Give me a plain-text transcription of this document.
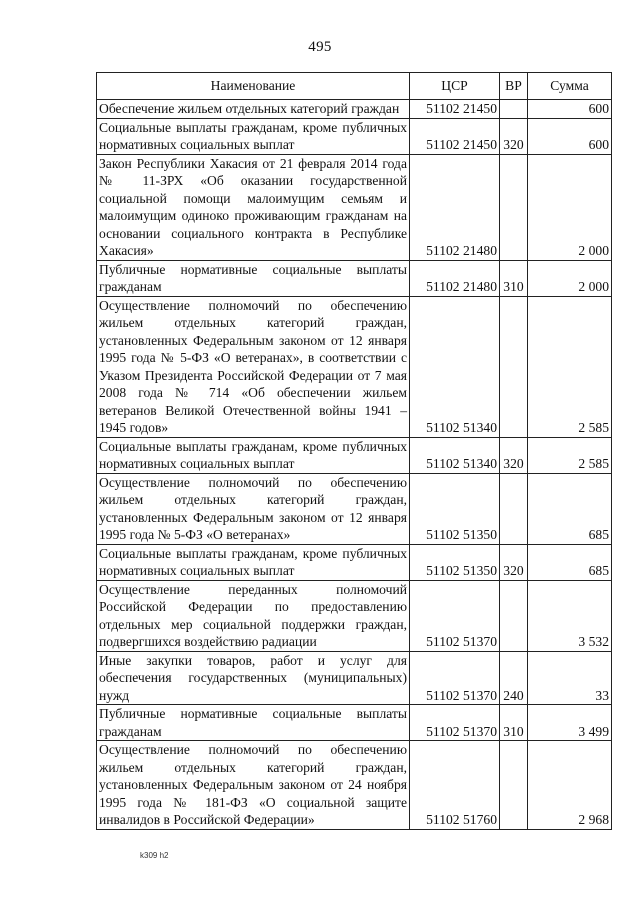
495
Наименование	ЦСР	ВР	Сумма
Обеспечение жильем отдельных категорий граждан	51102 21450		600
Социальные выплаты гражданам, кроме публичных нормативных социальных выплат	51102 21450	320	600
Закон Республики Хакасия от 21 февраля 2014 года № 11-ЗРХ «Об оказании государственной социальной помощи малоимущим семьям и малоимущим одиноко проживающим гражданам на основании социального контракта в Республике Хакасия»	51102 21480		2 000
Публичные нормативные социальные выплаты гражданам	51102 21480	310	2 000
Осуществление полномочий по обеспечению жильем отдельных категорий граждан, установленных Федеральным законом от 12 января 1995 года № 5-ФЗ «О ветеранах», в соответствии с Указом Президента Российской Федерации от 7 мая 2008 года № 714 «Об обеспечении жильем ветеранов Великой Отечественной войны 1941 – 1945 годов»	51102 51340		2 585
Социальные выплаты гражданам, кроме публичных нормативных социальных выплат	51102 51340	320	2 585
Осуществление полномочий по обеспечению жильем отдельных категорий граждан, установленных Федеральным законом от 12 января 1995 года № 5-ФЗ «О ветеранах»	51102 51350		685
Социальные выплаты гражданам, кроме публичных нормативных социальных выплат	51102 51350	320	685
Осуществление переданных полномочий Российской Федерации по предоставлению отдельных мер социальной поддержки граждан, подвергшихся воздействию радиации	51102 51370		3 532
Иные закупки товаров, работ и услуг для обеспечения государственных (муниципальных) нужд	51102 51370	240	33
Публичные нормативные социальные выплаты гражданам	51102 51370	310	3 499
Осуществление полномочий по обеспечению жильем отдельных категорий граждан, установленных Федеральным законом от 24 ноября 1995 года № 181-ФЗ «О социальной защите инвалидов в Российской Федерации»	51102 51760		2 968
k309 h2
